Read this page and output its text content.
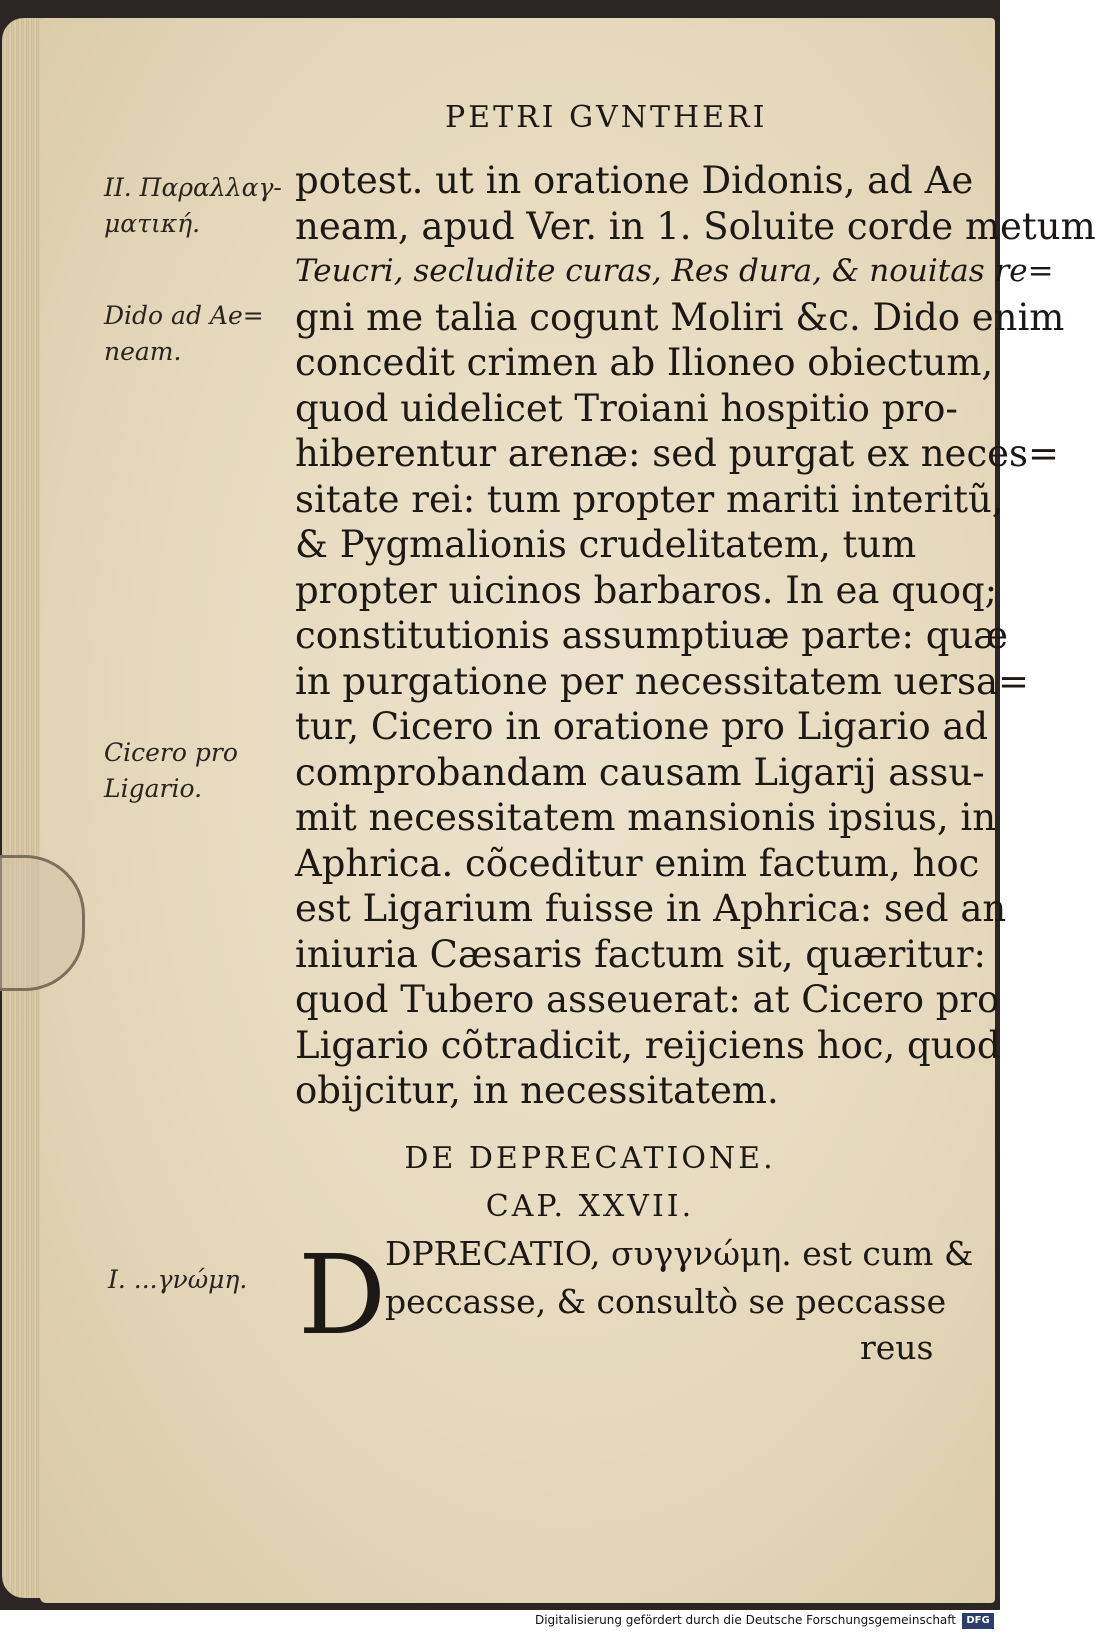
PETRI GVNTHERI
II. Παραλλαγ-
ματική.
Dido ad Ae=
neam.
Cicero pro
Ligario.
I. ...γνώμη.
potest. ut in oratione Didonis, ad Ae
neam, apud Ver. in 1. Soluite corde metum
Teucri, secludite curas, Res dura, & nouitas re=
gni me talia cogunt Moliri &c. Dido enim
concedit crimen ab Ilioneo obiectum,
quod uidelicet Troiani hospitio pro-
hiberentur arenæ: sed purgat ex neces=
sitate rei: tum propter mariti interitũ,
& Pygmalionis crudelitatem, tum
propter uicinos barbaros. In ea quoq;
constitutionis assumptiuæ parte: quæ
in purgatione per necessitatem uersa=
tur, Cicero in oratione pro Ligario ad
comprobandam causam Ligarij assu-
mit necessitatem mansionis ipsius, in
Aphrica. cõceditur enim factum, hoc
est Ligarium fuisse in Aphrica: sed an
iniuria Cæsaris factum sit, quæritur:
quod Tubero asseuerat: at Cicero pro
Ligario cõtradicit, reijciens hoc, quod
obijcitur, in necessitatem.
DE DEPRECATIONE.
CAP. XXVII.
D
DPRECATIO, συγγνώμη. est cum &
peccasse, & consultò se peccasse
reus
Digitalisierung gefördert durch die Deutsche Forschungsgemeinschaft	DFG
